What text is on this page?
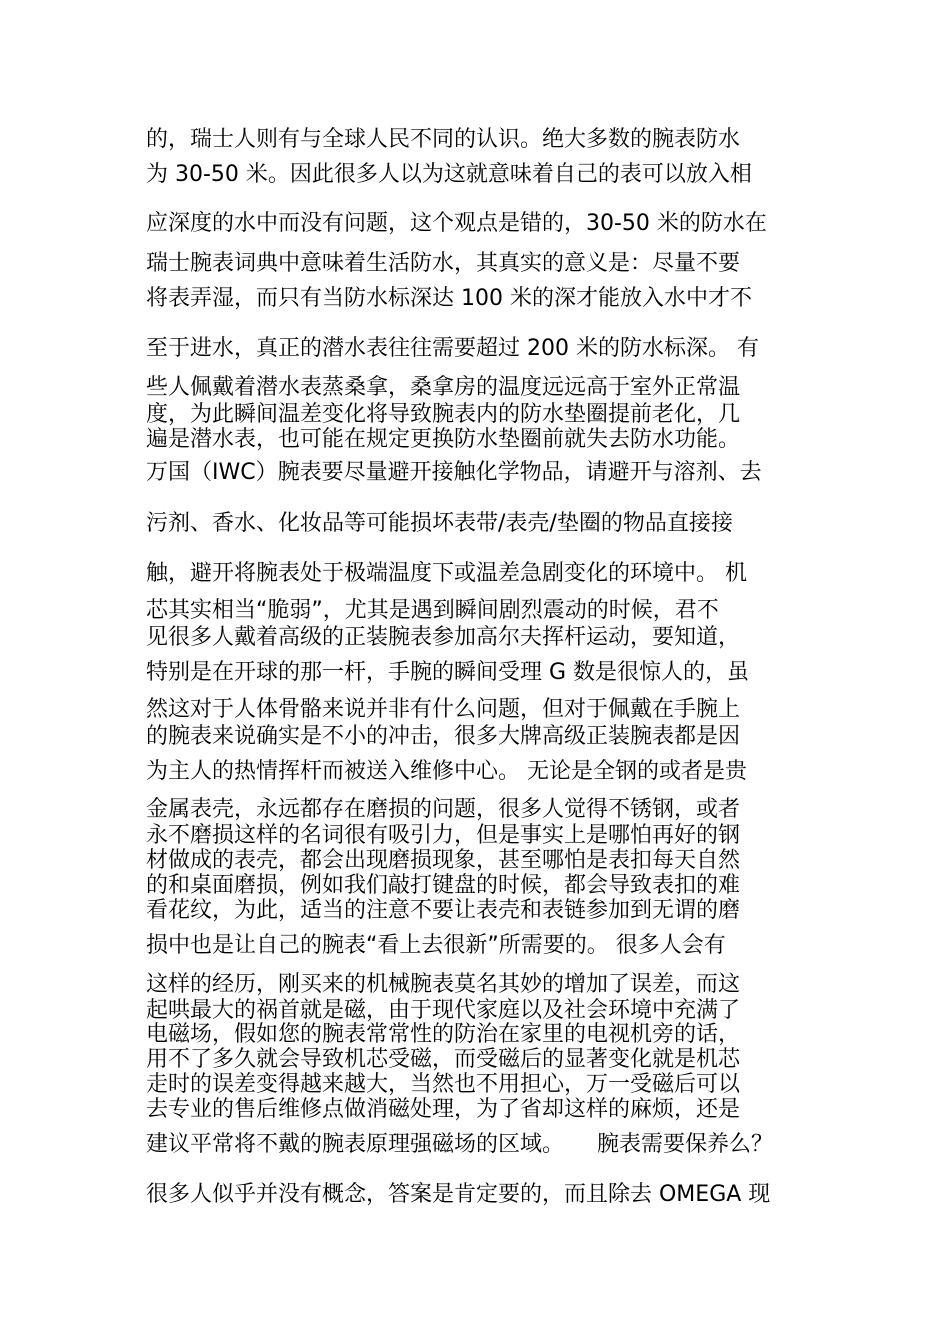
的，瑞士人则有与全球人民不同的认识。绝大多数的腕表防水
为 30-50 米。因此很多人以为这就意味着自己的表可以放入相
应深度的水中而没有问题，这个观点是错的，30-50 米的防水在
瑞士腕表词典中意味着生活防水，其真实的意义是：尽量不要
将表弄湿，而只有当防水标深达 100 米的深才能放入水中才不
至于进水，真正的潜水表往往需要超过 200 米的防水标深。 有
些人佩戴着潜水表蒸桑拿，桑拿房的温度远远高于室外正常温
度，为此瞬间温差变化将导致腕表内的防水垫圈提前老化，几
遍是潜水表，也可能在规定更换防水垫圈前就失去防水功能。
万国（IWC）腕表要尽量避开接触化学物品，请避开与溶剂、去
污剂、香水、化妆品等可能损坏表带/表壳/垫圈的物品直接接
触，避开将腕表处于极端温度下或温差急剧变化的环境中。 机
芯其实相当“脆弱”，尤其是遇到瞬间剧烈震动的时候，君不
见很多人戴着高级的正装腕表参加高尔夫挥杆运动，要知道，
特别是在开球的那一杆，手腕的瞬间受理 G 数是很惊人的，虽
然这对于人体骨骼来说并非有什么问题，但对于佩戴在手腕上
的腕表来说确实是不小的冲击，很多大牌高级正装腕表都是因
为主人的热情挥杆而被送入维修中心。 无论是全钢的或者是贵
金属表壳，永远都存在磨损的问题，很多人觉得不锈钢，或者
永不磨损这样的名词很有吸引力，但是事实上是哪怕再好的钢
材做成的表壳，都会出现磨损现象，甚至哪怕是表扣每天自然
的和桌面磨损，例如我们敲打键盘的时候，都会导致表扣的难
看花纹，为此，适当的注意不要让表壳和表链参加到无谓的磨
损中也是让自己的腕表“看上去很新”所需要的。 很多人会有
这样的经历，刚买来的机械腕表莫名其妙的增加了误差，而这
起哄最大的祸首就是磁，由于现代家庭以及社会环境中充满了
电磁场，假如您的腕表常常性的防治在家里的电视机旁的话，
用不了多久就会导致机芯受磁，而受磁后的显著变化就是机芯
走时的误差变得越来越大，当然也不用担心，万一受磁后可以
去专业的售后维修点做消磁处理，为了省却这样的麻烦，还是
建议平常将不戴的腕表原理强磁场的区域。　　腕表需要保养么？
很多人似乎并没有概念，答案是肯定要的，而且除去 OMEGA 现
